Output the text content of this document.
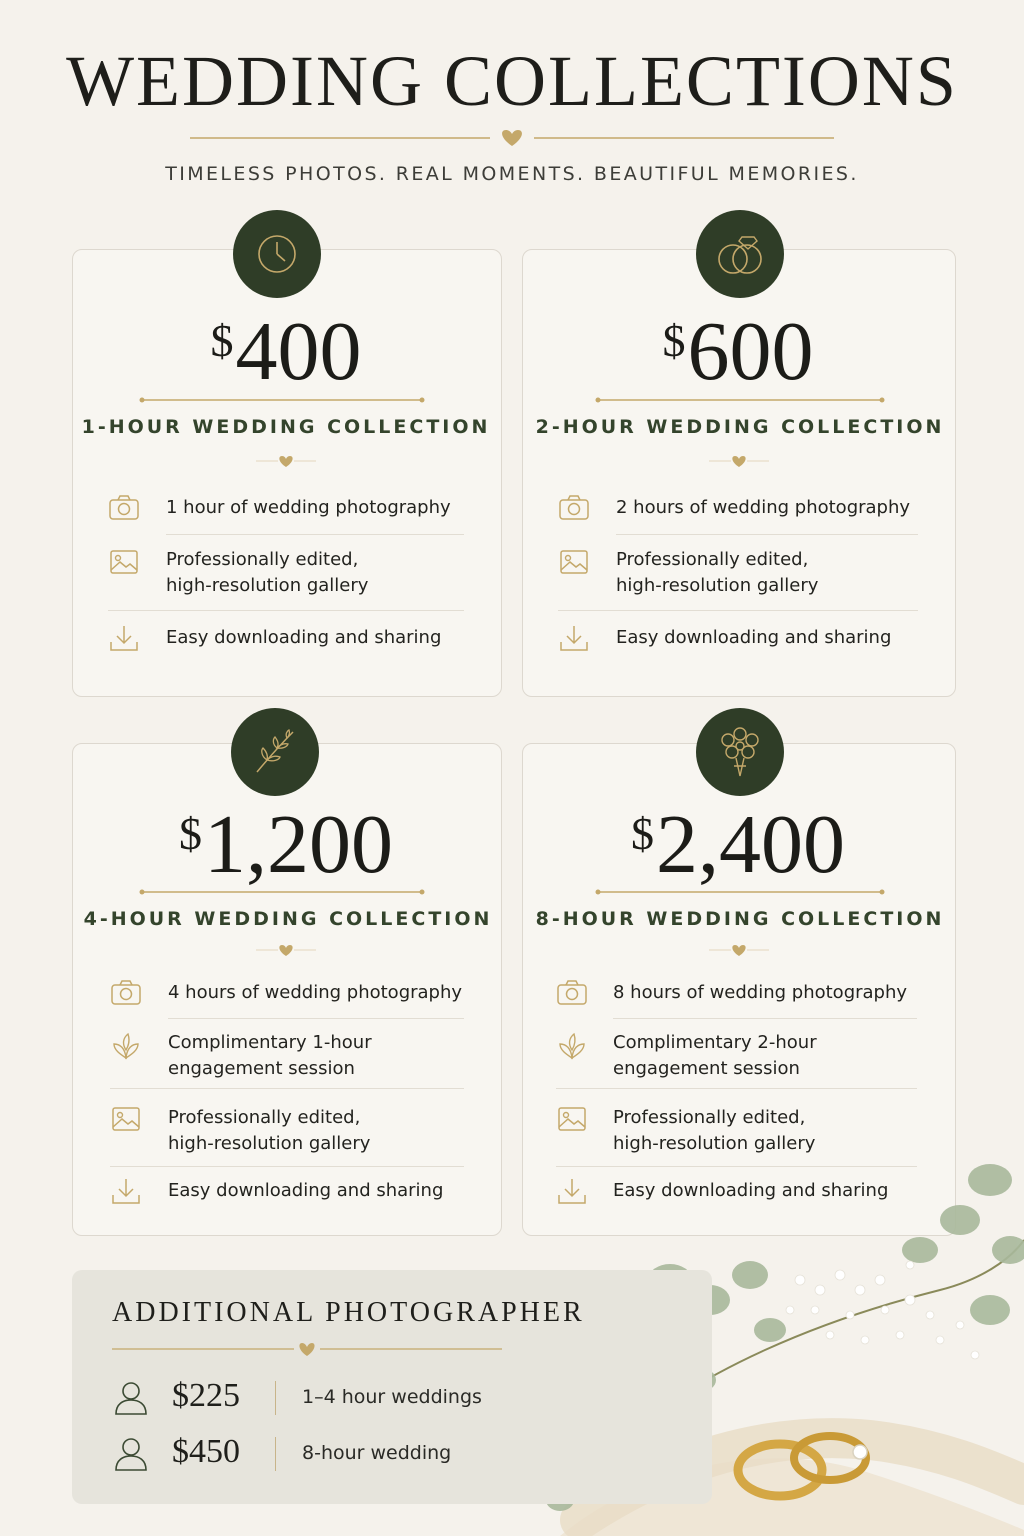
WEDDING COLLECTIONS
TIMELESS PHOTOS. REAL MOMENTS. BEAUTIFUL MEMORIES.
$400
1-HOUR WEDDING COLLECTION
1 hour of wedding photography
Professionally edited,
high-resolution gallery
Easy downloading and sharing
$600
2-HOUR WEDDING COLLECTION
2 hours of wedding photography
Professionally edited,
high-resolution gallery
Easy downloading and sharing
$1,200
4-HOUR WEDDING COLLECTION
4 hours of wedding photography
Complimentary 1-hour
engagement session
Professionally edited,
high-resolution gallery
Easy downloading and sharing
$2,400
8-HOUR WEDDING COLLECTION
8 hours of wedding photography
Complimentary 2-hour
engagement session
Professionally edited,
high-resolution gallery
Easy downloading and sharing
ADDITIONAL PHOTOGRAPHER
$225	1–4 hour weddings
$450	8-hour wedding
